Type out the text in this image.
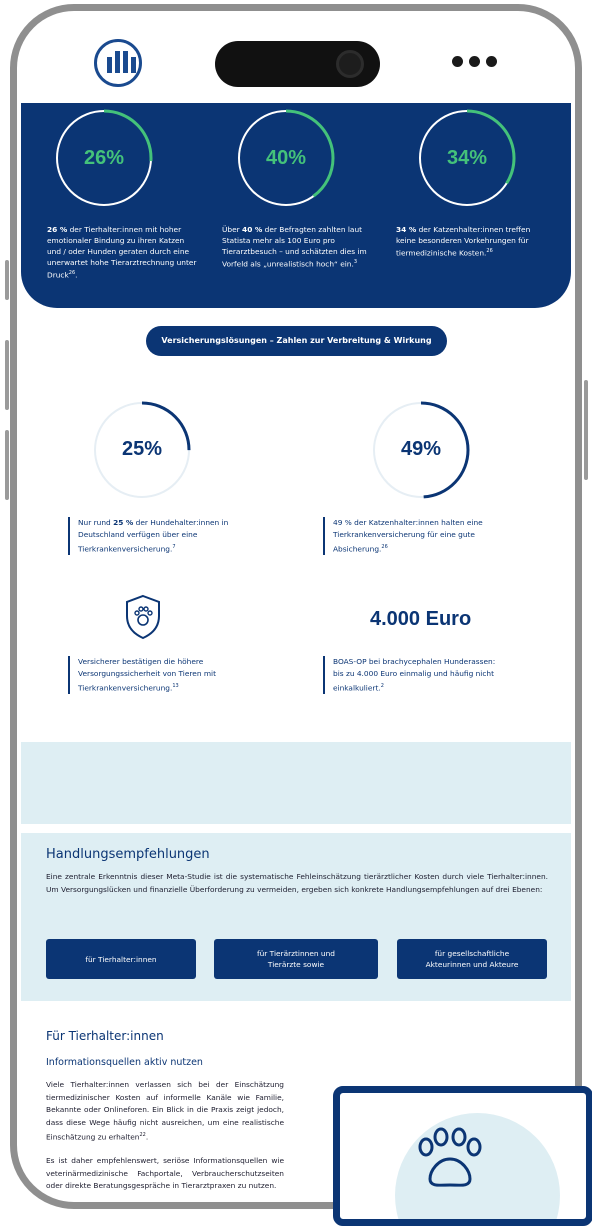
26%	40%	34%
26 % der Tierhalter:innen mit hoher emotionaler Bindung zu ihren Katzen und / oder Hunden geraten durch eine unerwartet hohe Tierarztrechnung unter Druck$^{26}$.
Über 40 % der Befragten zahlten laut Statista mehr als 100 Euro pro Tierarztbesuch – und schätzten dies im Vorfeld als „unrealistisch hoch“ ein.$^3$
34 % der Katzenhalter:innen treffen keine besonderen Vorkehrungen für tiermedizinische Kosten.$^{26}$
Versicherungslösungen – Zahlen zur Verbreitung & Wirkung
25%	49%
Nur rund 25 % der Hundehalter:innen in Deutschland verfügen über eine Tierkrankenversicherung.$^7$
49 % der Katzenhalter:innen halten eine Tierkrankenversicherung für eine gute Absicherung.$^{26}$
4.000 Euro
Versicherer bestätigen die höhere Versorgungssicherheit von Tieren mit Tierkrankenversicherung.$^{13}$
BOAS-OP bei brachycephalen Hunderassen: bis zu 4.000 Euro einmalig und häufig nicht einkalkuliert.$^2$
Handlungsempfehlungen
Eine zentrale Erkenntnis dieser Meta-Studie ist die systematische Fehleinschätzung tierärztlicher Kosten durch viele Tierhalter:innen. Um Versorgungslücken und finanzielle Überforderung zu vermeiden, ergeben sich konkrete Handlungsempfehlungen auf drei Ebenen:
für Tierhalter:innen
für Tierärztinnen und Tierärzte sowie
für gesellschaftliche Akteurinnen und Akteure
Für Tierhalter:innen
Informationsquellen aktiv nutzen
Viele Tierhalter:innen verlassen sich bei der Einschätzung tiermedizinischer Kosten auf informelle Kanäle wie Familie, Bekannte oder Onlineforen. Ein Blick in die Praxis zeigt jedoch, dass diese Wege häufig nicht ausreichen, um eine realistische Einschätzung zu erhalten$^{22}$.
Es ist daher empfehlenswert, seriöse Informationsquellen wie veterinärmedizinische Fachportale, Verbraucherschutzseiten oder direkte Beratungsgespräche in Tierarztpraxen zu nutzen.
